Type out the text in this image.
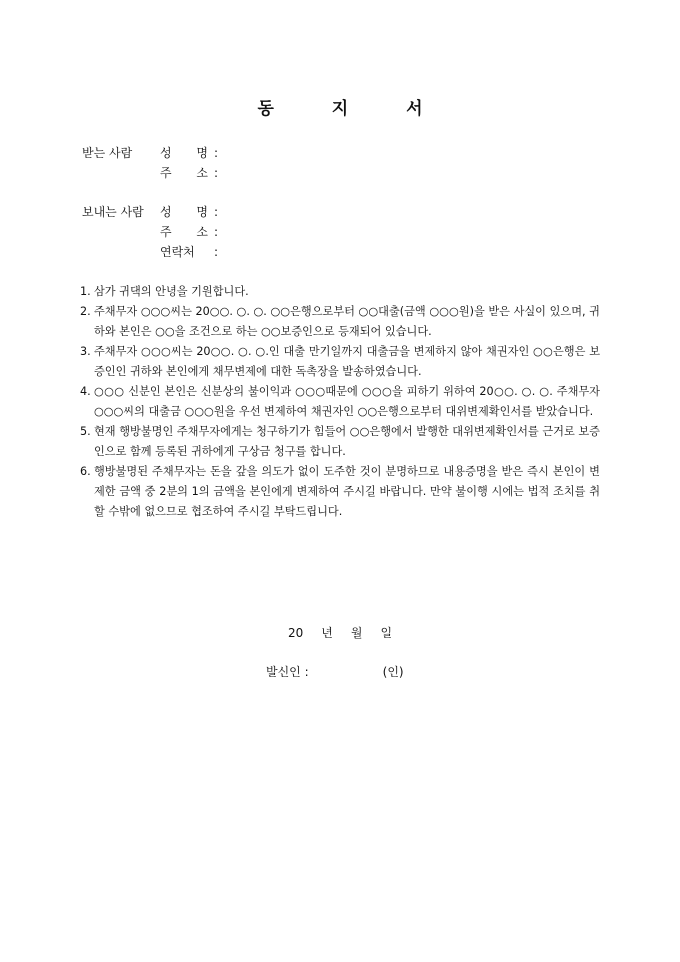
동 지 서
받는 사람	성 명 :
주 소 :
보내는 사람	성 명 :
주 소 :
연락처 :
1. 삼가 귀댁의 안녕을 기원합니다.
2. 주채무자 ○○○씨는 20○○. ○. ○. ○○은행으로부터 ○○대출(금액 ○○○원)을 받은 사실이 있으며, 귀하와 본인은 ○○을 조건으로 하는 ○○보증인으로 등재되어 있습니다.
3. 주채무자 ○○○씨는 20○○. ○. ○.인 대출 만기일까지 대출금을 변제하지 않아 채권자인 ○○은행은 보증인인 귀하와 본인에게 채무변제에 대한 독촉장을 발송하였습니다.
4. ○○○ 신분인 본인은 신분상의 불이익과 ○○○때문에 ○○○을 피하기 위하여 20○○. ○. ○. 주채무자 ○○○씨의 대출금 ○○○원을 우선 변제하여 채권자인 ○○은행으로부터 대위변제확인서를 받았습니다.
5. 현재 행방불명인 주채무자에게는 청구하기가 힘들어 ○○은행에서 발행한 대위변제확인서를 근거로 보증인으로 함께 등록된 귀하에게 구상금 청구를 합니다.
6. 행방불명된 주채무자는 돈을 갚을 의도가 없이 도주한 것이 분명하므로 내용증명을 받은 즉시 본인이 변제한 금액 중 2분의 1의 금액을 본인에게 변제하여 주시길 바랍니다. 만약 불이행 시에는 법적 조치를 취할 수밖에 없으므로 협조하여 주시길 부탁드립니다.
20 년 월 일
발신인 :	(인)
